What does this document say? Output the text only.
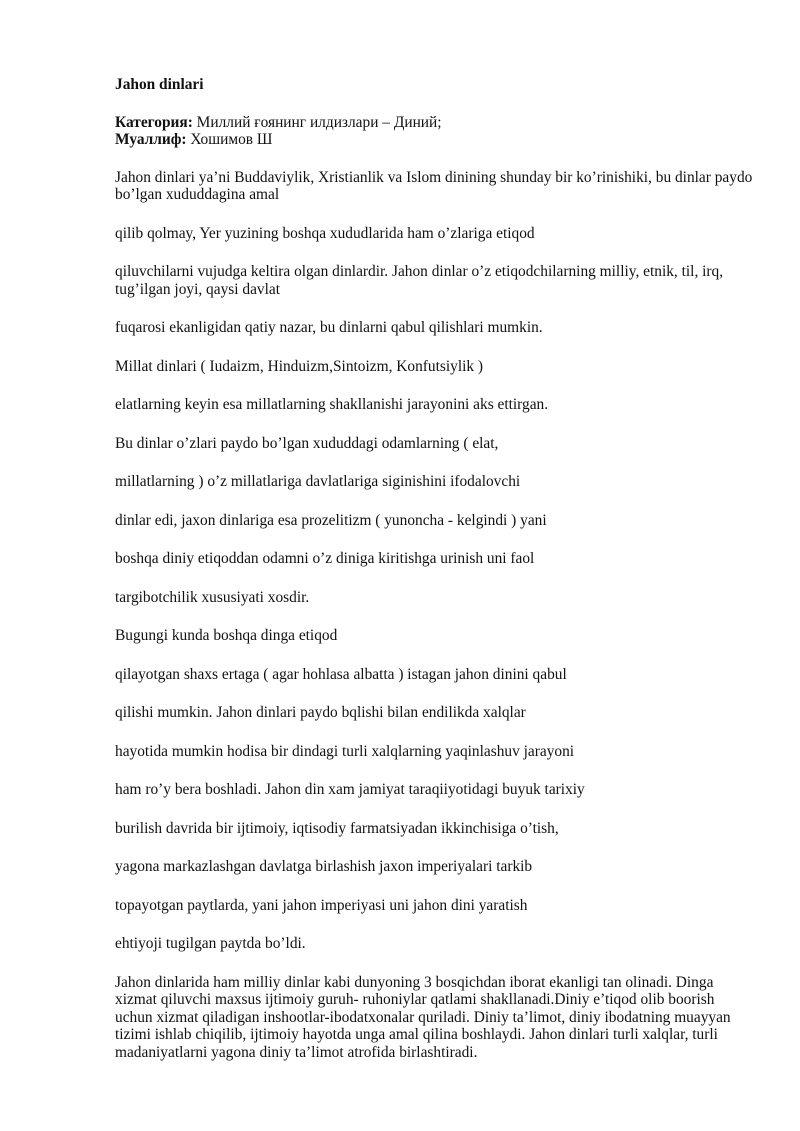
Jahon dinlari
Категория: Миллий ғоянинг илдизлари – Диний;
Муаллиф: Хошимов Ш

Jahon dinlari ya’ni Buddaviylik, Xristianlik va Islom dinining shunday bir ko’rinishiki, bu dinlar paydo bo’lgan xududdagina amal

qilib qolmay, Yer yuzining boshqa xududlarida ham o’zlariga etiqod

qiluvchilarni vujudga keltira olgan dinlardir. Jahon dinlar o’z etiqodchilarning milliy, etnik, til, irq, tug’ilgan joyi, qaysi davlat

fuqarosi ekanligidan qatiy nazar, bu dinlarni qabul qilishlari mumkin.

Millat dinlari ( Iudaizm, Hinduizm,Sintoizm, Konfutsiylik )

elatlarning keyin esa millatlarning shakllanishi jarayonini aks ettirgan.

Bu dinlar o’zlari paydo bo’lgan xududdagi odamlarning ( elat,

millatlarning ) o’z millatlariga davlatlariga siginishini ifodalovchi

dinlar edi, jaxon dinlariga esa prozelitizm ( yunoncha - kelgindi ) yani

boshqa diniy etiqoddan odamni o’z diniga kiritishga urinish uni faol

targibotchilik xususiyati xosdir.

Bugungi kunda boshqa dinga etiqod

qilayotgan shaxs ertaga ( agar hohlasa albatta ) istagan jahon dinini qabul

qilishi mumkin. Jahon dinlari paydo bqlishi bilan endilikda xalqlar

hayotida mumkin hodisa bir dindagi turli xalqlarning yaqinlashuv jarayoni

ham ro’y bera boshladi. Jahon din xam jamiyat taraqiiyotidagi buyuk tarixiy

burilish davrida bir ijtimoiy, iqtisodiy farmatsiyadan ikkinchisiga o’tish,

yagona markazlashgan davlatga birlashish jaxon imperiyalari tarkib

topayotgan paytlarda, yani jahon imperiyasi uni jahon dini yaratish

ehtiyoji tugilgan paytda bo’ldi.

Jahon dinlarida ham milliy dinlar kabi dunyoning 3 bosqichdan iborat ekanligi tan olinadi. Dinga xizmat qiluvchi maxsus ijtimoiy guruh- ruhoniylar qatlami shakllanadi.Diniy e’tiqod olib boorish uchun xizmat qiladigan inshootlar-ibodatxonalar quriladi. Diniy ta’limot, diniy ibodatning muayyan tizimi ishlab chiqilib, ijtimoiy hayotda unga amal qilina boshlaydi. Jahon dinlari turli xalqlar, turli madaniyatlarni yagona diniy ta’limot atrofida birlashtiradi.
